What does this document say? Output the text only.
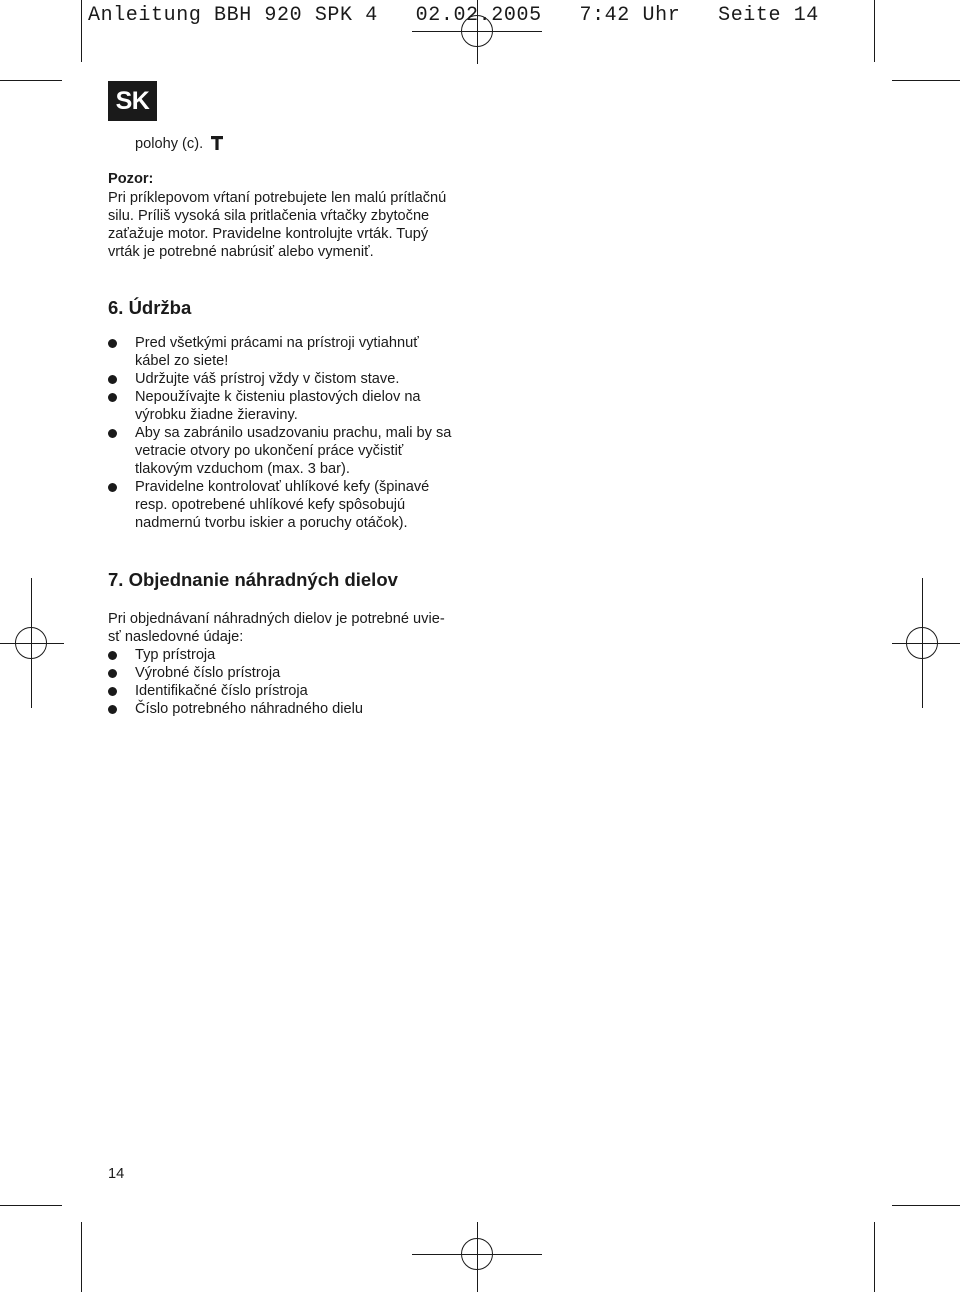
Anleitung BBH 920 SPK 4   02.02.2005   7:42 Uhr   Seite 14
SK
polohy (c).
Pozor:
Pri príklepovom vŕtaní potrebujete len malú prítlačnú
silu. Príliš vysoká sila pritlačenia vŕtačky zbytočne
zaťažuje motor. Pravidelne kontrolujte vrták. Tupý
vrták je potrebné nabrúsiť alebo vymeniť.
6. Údržba
Pred všetkými prácami na prístroji vytiahnuť
kábel zo siete!
Udržujte váš prístroj vždy v čistom stave.
Nepoužívajte k čisteniu plastových dielov na
výrobku žiadne žieraviny.
Aby sa zabránilo usadzovaniu prachu, mali by sa
vetracie otvory po ukončení práce vyčistiť
tlakovým vzduchom (max. 3 bar).
Pravidelne kontrolovať uhlíkové kefy (špinavé
resp. opotrebené uhlíkové kefy spôsobujú
nadmernú tvorbu iskier a poruchy otáčok).
7. Objednanie náhradných dielov
Pri objednávaní náhradných dielov je potrebné uvie-
sť nasledovné údaje:
Typ prístroja
Výrobné číslo prístroja
Identifikačné číslo prístroja
Číslo potrebného náhradného dielu
14
